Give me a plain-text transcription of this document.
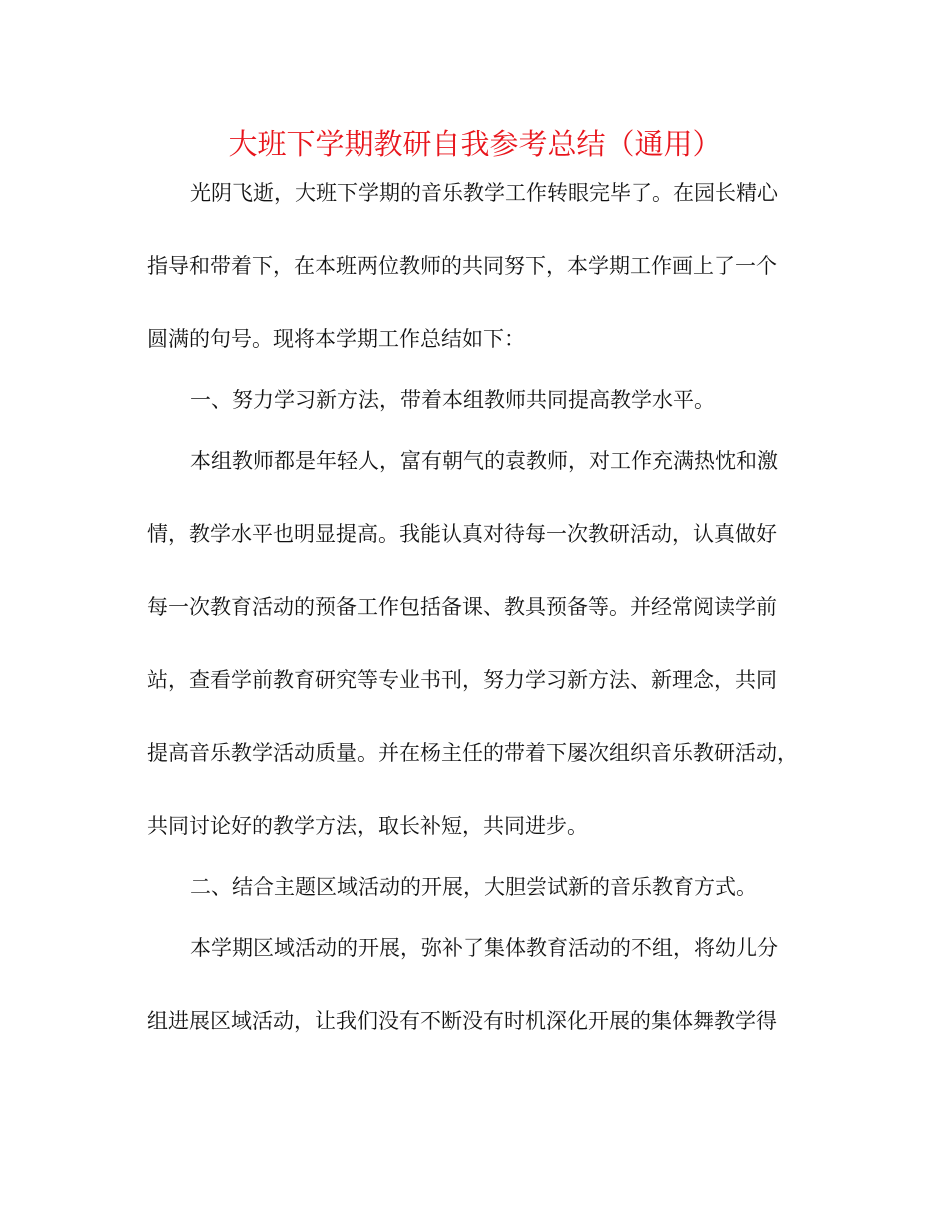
大班下学期教研自我参考总结（通用）
光阴飞逝，大班下学期的音乐教学工作转眼完毕了。在园长精心
指导和带着下，在本班两位教师的共同努下，本学期工作画上了一个
圆满的句号。现将本学期工作总结如下：
一、努力学习新方法，带着本组教师共同提高教学水平。
本组教师都是年轻人，富有朝气的袁教师，对工作充满热忱和激
情，教学水平也明显提高。我能认真对待每一次教研活动，认真做好
每一次教育活动的预备工作包括备课、教具预备等。并经常阅读学前
站，查看学前教育研究等专业书刊，努力学习新方法、新理念，共同
提高音乐教学活动质量。并在杨主任的带着下屡次组织音乐教研活动，
共同讨论好的教学方法，取长补短，共同进步。
二、结合主题区域活动的开展，大胆尝试新的音乐教育方式。
本学期区域活动的开展，弥补了集体教育活动的不组，将幼儿分
组进展区域活动，让我们没有不断没有时机深化开展的集体舞教学得
